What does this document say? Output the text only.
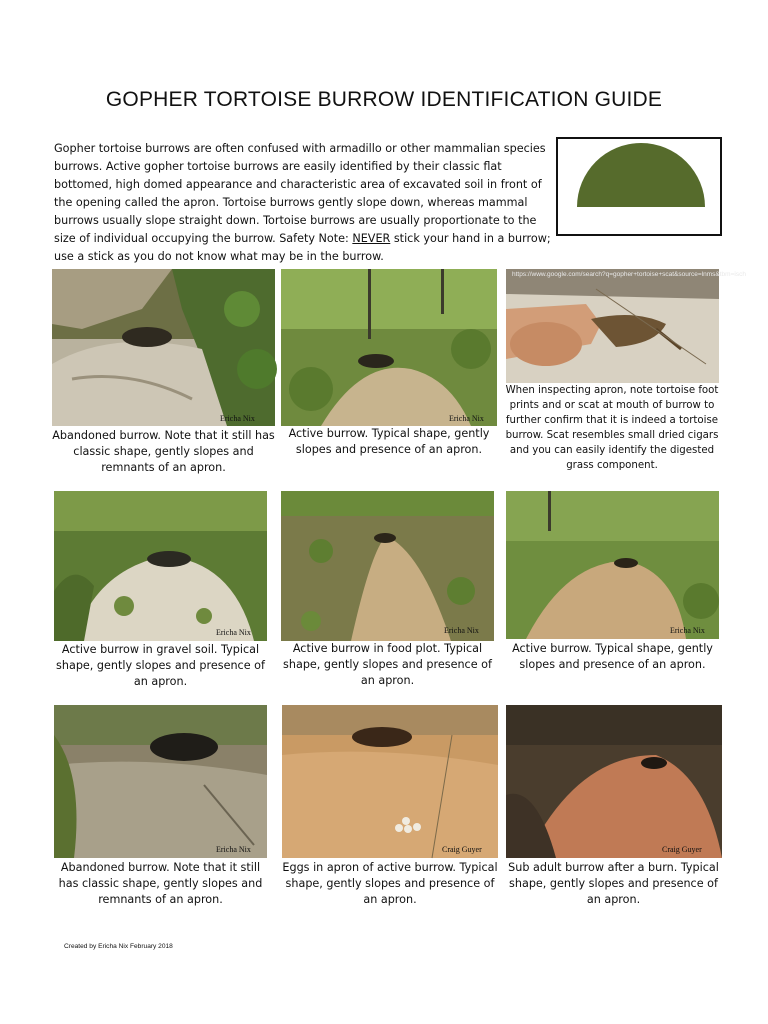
GOPHER TORTOISE BURROW IDENTIFICATION GUIDE
Gopher tortoise burrows are often confused with armadillo or other mammalian species burrows. Active gopher tortoise burrows are easily identified by their classic flat bottomed, high domed appearance and characteristic area of excavated soil in front of the opening called the apron. Tortoise burrows gently slope down, whereas mammal burrows usually slope straight down. Tortoise burrows are usually proportionate to the size of individual occupying the burrow. Safety Note: NEVER stick your hand in a burrow; use a stick as you do not know what may be in the burrow.
Ericha Nix	Ericha Nix
https://www.google.com/search?q=gopher+tortoise+scat&source=lnms&tbm=isch
Abandoned burrow. Note that it still has classic shape, gently slopes and remnants of an apron.
Active burrow. Typical shape, gently slopes and presence of an apron.
When inspecting apron, note tortoise foot prints and or scat at mouth of burrow to further confirm that it is indeed a tortoise burrow. Scat resembles small dried cigars and you can easily identify the digested grass component.
Ericha Nix	Ericha Nix	Ericha Nix
Active burrow in gravel soil. Typical shape, gently slopes and presence of an apron.
Active burrow in food plot. Typical shape, gently slopes and presence of an apron.
Active burrow. Typical shape, gently slopes and presence of an apron.
Ericha Nix	Craig Guyer	Craig Guyer
Abandoned burrow. Note that it still has classic shape, gently slopes and remnants of an apron.
Eggs in apron of active burrow. Typical shape, gently slopes and presence of an apron.
Sub adult burrow after a burn. Typical shape, gently slopes and presence of an apron.
Created by Ericha Nix February 2018
